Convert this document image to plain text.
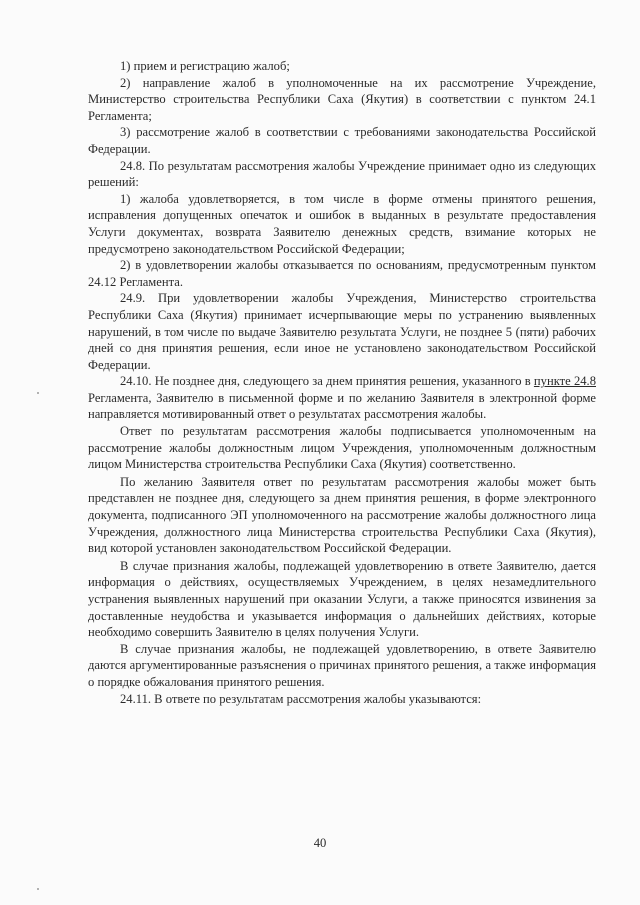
1) прием и регистрацию жалоб;

2) направление жалоб в уполномоченные на их рассмотрение Учреждение, Министерство строительства Республики Саха (Якутия) в соответствии с пунктом 24.1 Регламента;

3) рассмотрение жалоб в соответствии с требованиями законодательства Российской Федерации.

24.8. По результатам рассмотрения жалобы Учреждение принимает одно из следующих решений:

1) жалоба удовлетворяется, в том числе в форме отмены принятого решения, исправления допущенных опечаток и ошибок в выданных в результате предоставления Услуги документах, возврата Заявителю денежных средств, взимание которых не предусмотрено законодательством Российской Федерации;

2) в удовлетворении жалобы отказывается по основаниям, предусмотренным пунктом 24.12 Регламента.

24.9. При удовлетворении жалобы Учреждения, Министерство строительства Республики Саха (Якутия) принимает исчерпывающие меры по устранению выявленных нарушений, в том числе по выдаче Заявителю результата Услуги, не позднее 5 (пяти) рабочих дней со дня принятия решения, если иное не установлено законодательством Российской Федерации.

24.10. Не позднее дня, следующего за днем принятия решения, указанного в пункте 24.8 Регламента, Заявителю в письменной форме и по желанию Заявителя в электронной форме направляется мотивированный ответ о результатах рассмотрения жалобы.

Ответ по результатам рассмотрения жалобы подписывается уполномоченным на рассмотрение жалобы должностным лицом Учреждения, уполномоченным должностным лицом Министерства строительства Республики Саха (Якутия) соответственно.

По желанию Заявителя ответ по результатам рассмотрения жалобы может быть представлен не позднее дня, следующего за днем принятия решения, в форме электронного документа, подписанного ЭП уполномоченного на рассмотрение жалобы должностного лица Учреждения, должностного лица Министерства строительства Республики Саха (Якутия), вид которой установлен законодательством Российской Федерации.

В случае признания жалобы, подлежащей удовлетворению в ответе Заявителю, дается информация о действиях, осуществляемых Учреждением, в целях незамедлительного устранения выявленных нарушений при оказании Услуги, а также приносятся извинения за доставленные неудобства и указывается информация о дальнейших действиях, которые необходимо совершить Заявителю в целях получения Услуги.

В случае признания жалобы, не подлежащей удовлетворению, в ответе Заявителю даются аргументированные разъяснения о причинах принятого решения, а также информация о порядке обжалования принятого решения.

24.11. В ответе по результатам рассмотрения жалобы указываются:

40
